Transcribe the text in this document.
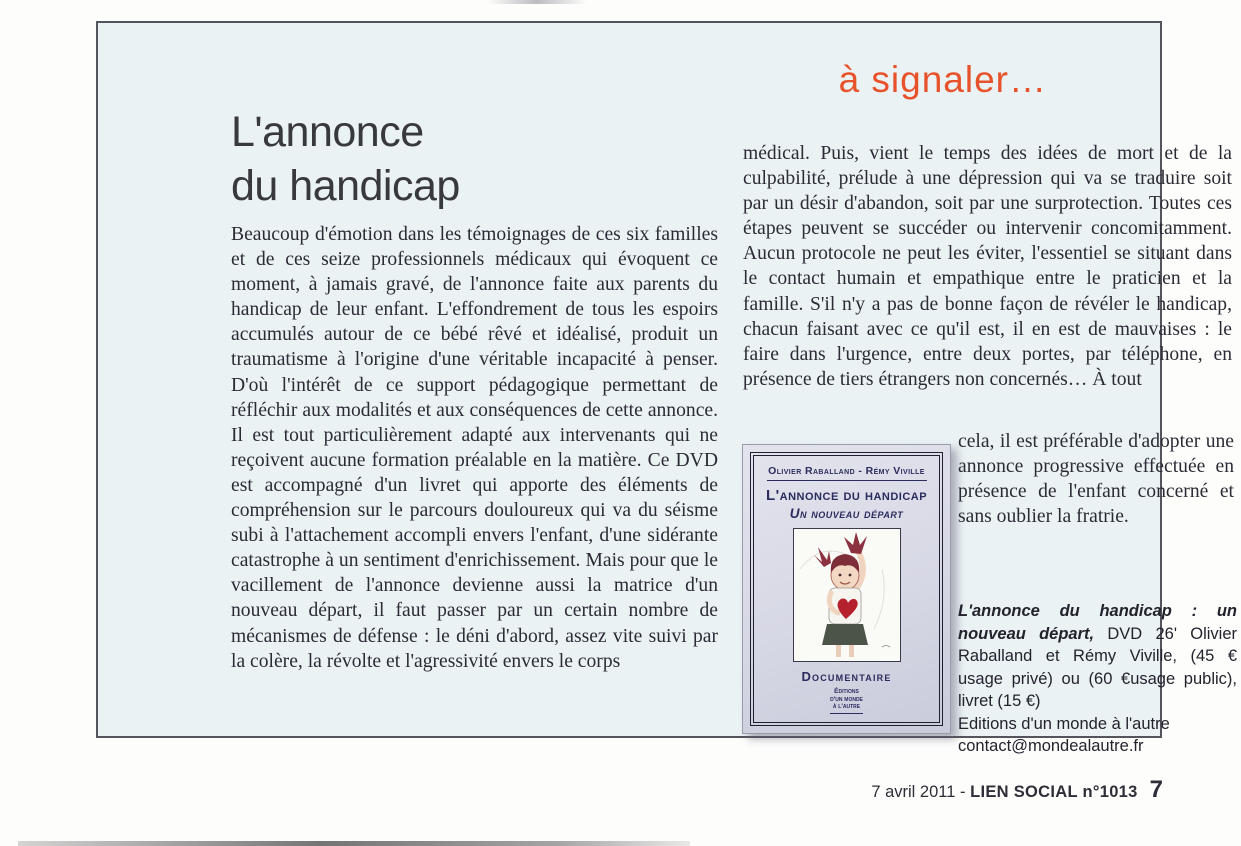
à signaler…
L'annonce
du handicap

Beaucoup d'émotion dans les témoignages de ces six familles et de ces seize professionnels médicaux qui évoquent ce moment, à jamais gravé, de l'annonce faite aux parents du handicap de leur enfant. L'effondrement de tous les espoirs accumulés autour de ce bébé rêvé et idéalisé, produit un traumatisme à l'origine d'une véritable incapacité à penser. D'où l'intérêt de ce support pédagogique permettant de réfléchir aux modalités et aux conséquences de cette annonce. Il est tout particulièrement adapté aux intervenants qui ne reçoivent aucune formation préalable en la matière. Ce DVD est accompagné d'un livret qui apporte des éléments de compréhension sur le parcours douloureux qui va du séisme subi à l'attachement accompli envers l'enfant, d'une sidérante catastrophe à un sentiment d'enrichissement. Mais pour que le vacillement de l'annonce devienne aussi la matrice d'un nouveau départ, il faut passer par un certain nombre de mécanismes de défense : le déni d'abord, assez vite suivi par la colère, la révolte et l'agressivité envers le corps

médical. Puis, vient le temps des idées de mort et de la culpabilité, prélude à une dépression qui va se traduire soit par un désir d'abandon, soit par une surprotection. Toutes ces étapes peuvent se succéder ou intervenir concomitamment. Aucun protocole ne peut les éviter, l'essentiel se situant dans le contact humain et empathique entre le praticien et la famille. S'il n'y a pas de bonne façon de révéler le handicap, chacun faisant avec ce qu'il est, il en est de mauvaises : le faire dans l'urgence, entre deux portes, par téléphone, en présence de tiers étrangers non concernés… À tout

Olivier Raballand - Rémy Viville
L'annonce du handicap
Un nouveau départ
Documentaire
Éditions
d'un monde
à l'autre

cela, il est préférable d'adopter une annonce progressive effectuée en présence de l'enfant concerné et sans oublier la fratrie.

L'annonce du handicap : un nouveau départ, DVD 26' Olivier Raballand et Rémy Viville, (45 € usage privé) ou (60 €usage public), livret (15 €)

Editions d'un monde à l'autre

contact@mondealautre.fr

7 avril 2011 - LIEN SOCIAL n°1013 7
